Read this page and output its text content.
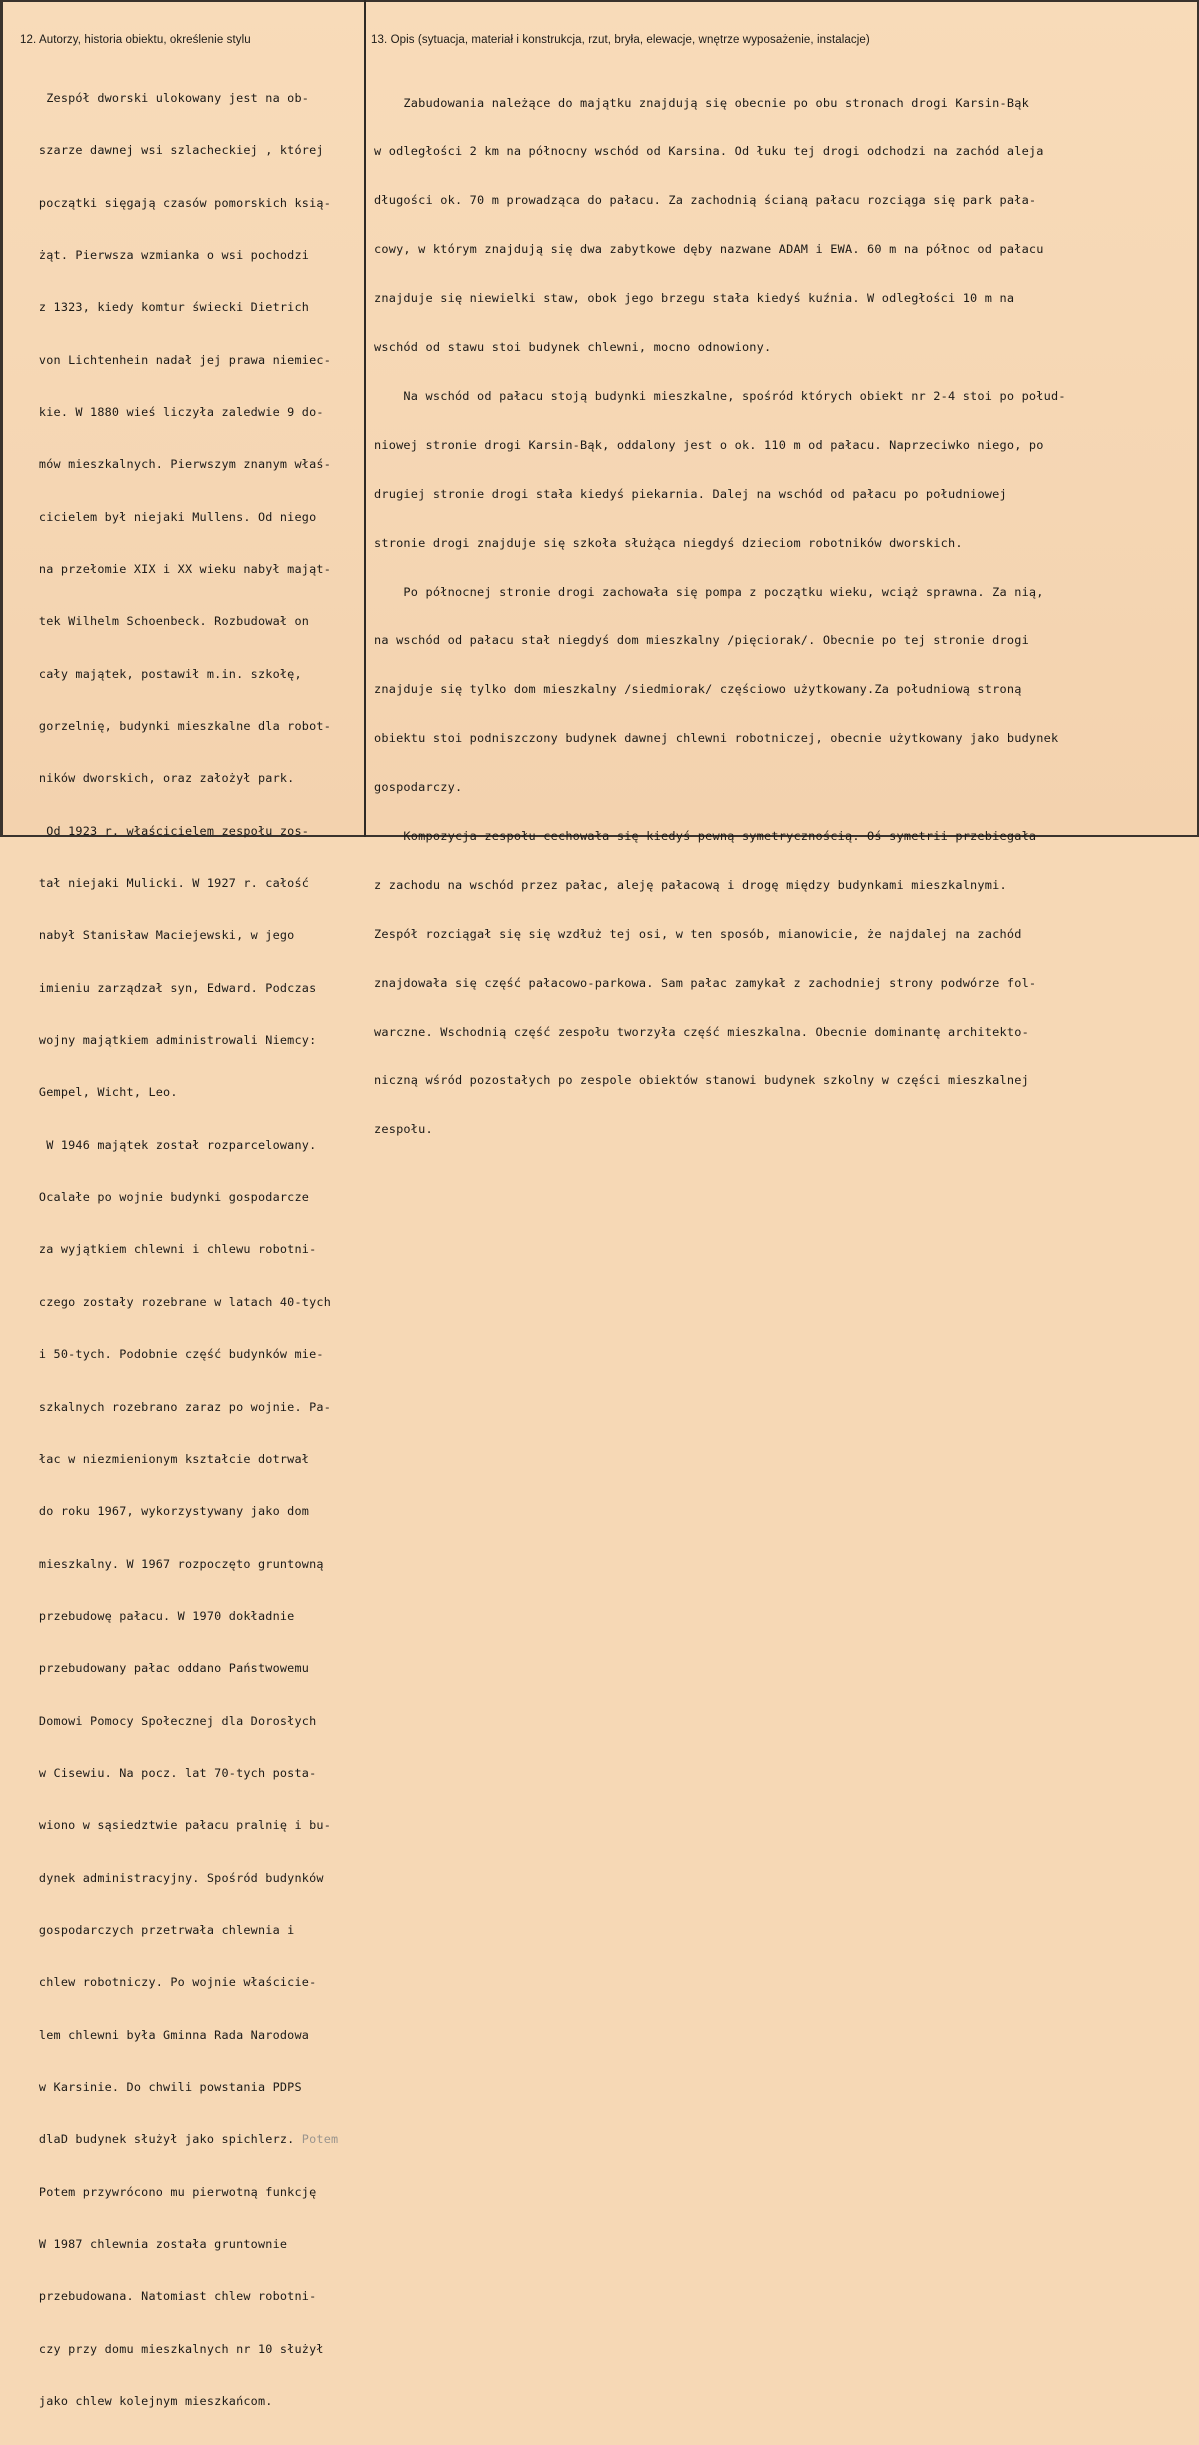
12. Autorzy, historia obiektu, określenie stylu	13. Opis (sytuacja, materiał i konstrukcja, rzut, bryła, elewacje, wnętrze wyposażenie, instalacje)

Zespół dworski ulokowany jest na ob-

szarze dawnej wsi szlacheckiej , której

początki sięgają czasów pomorskich ksią-

żąt. Pierwsza wzmianka o wsi pochodzi

z 1323, kiedy komtur świecki Dietrich

von Lichtenhein nadał jej prawa niemiec-

kie. W 1880 wieś liczyła zaledwie 9 do-

mów mieszkalnych. Pierwszym znanym właś-

cicielem był niejaki Mullens. Od niego

na przełomie XIX i XX wieku nabył mająt-

tek Wilhelm Schoenbeck. Rozbudował on

cały majątek, postawił m.in. szkołę,

gorzelnię, budynki mieszkalne dla robot-

ników dworskich, oraz założył park.

Od 1923 r. właścicielem zespołu zos-

tał niejaki Mulicki. W 1927 r. całość

nabył Stanisław Maciejewski, w jego

imieniu zarządzał syn, Edward. Podczas

wojny majątkiem administrowali Niemcy:

Gempel, Wicht, Leo.

W 1946 majątek został rozparcelowany.

Ocalałe po wojnie budynki gospodarcze

za wyjątkiem chlewni i chlewu robotni-

czego zostały rozebrane w latach 40-tych

i 50-tych. Podobnie część budynków mie-

szkalnych rozebrano zaraz po wojnie. Pa-

łac w niezmienionym kształcie dotrwał

do roku 1967, wykorzystywany jako dom

mieszkalny. W 1967 rozpoczęto gruntowną

przebudowę pałacu. W 1970 dokładnie

przebudowany pałac oddano Państwowemu

Domowi Pomocy Społecznej dla Dorosłych

w Cisewiu. Na pocz. lat 70-tych posta-

wiono w sąsiedztwie pałacu pralnię i bu-

dynek administracyjny. Spośród budynków

gospodarczych przetrwała chlewnia i

chlew robotniczy. Po wojnie właścicie-

lem chlewni była Gminna Rada Narodowa

w Karsinie. Do chwili powstania PDPS

dlaD budynek służył jako spichlerz. Potem

Potem przywrócono mu pierwotną funkcję

W 1987 chlewnia została gruntownie

przebudowana. Natomiast chlew robotni-

czy przy domu mieszkalnych nr 10 służył

jako chlew kolejnym mieszkańcom.

Zabudowania należące do majątku znajdują się obecnie po obu stronach drogi Karsin-Bąk

w odległości 2 km na północny wschód od Karsina. Od łuku tej drogi odchodzi na zachód aleja

długości ok. 70 m prowadząca do pałacu. Za zachodnią ścianą pałacu rozciąga się park pała-

cowy, w którym znajdują się dwa zabytkowe dęby nazwane ADAM i EWA. 60 m na północ od pałacu

znajduje się niewielki staw, obok jego brzegu stała kiedyś kuźnia. W odległości 10 m na

wschód od stawu stoi budynek chlewni, mocno odnowiony.

Na wschód od pałacu stoją budynki mieszkalne, spośród których obiekt nr 2-4 stoi po połud-

niowej stronie drogi Karsin-Bąk, oddalony jest o ok. 110 m od pałacu. Naprzeciwko niego, po

drugiej stronie drogi stała kiedyś piekarnia. Dalej na wschód od pałacu po południowej

stronie drogi znajduje się szkoła służąca niegdyś dzieciom robotników dworskich.

Po północnej stronie drogi zachowała się pompa z początku wieku, wciąż sprawna. Za nią,

na wschód od pałacu stał niegdyś dom mieszkalny /pięciorak/. Obecnie po tej stronie drogi

znajduje się tylko dom mieszkalny /siedmiorak/ częściowo użytkowany.Za południową stroną

obiektu stoi podniszczony budynek dawnej chlewni robotniczej, obecnie użytkowany jako budynek

gospodarczy.

Kompozycja zespołu cechowała się kiedyś pewną symetrycznością. Oś symetrii przebiegała

z zachodu na wschód przez pałac, aleję pałacową i drogę między budynkami mieszkalnymi.

Zespół rozciągał się się wzdłuż tej osi, w ten sposób, mianowicie, że najdalej na zachód

znajdowała się część pałacowo-parkowa. Sam pałac zamykał z zachodniej strony podwórze fol-

warczne. Wschodnią część zespołu tworzyła część mieszkalna. Obecnie dominantę architekto-

niczną wśród pozostałych po zespole obiektów stanowi budynek szkolny w części mieszkalnej

zespołu.
